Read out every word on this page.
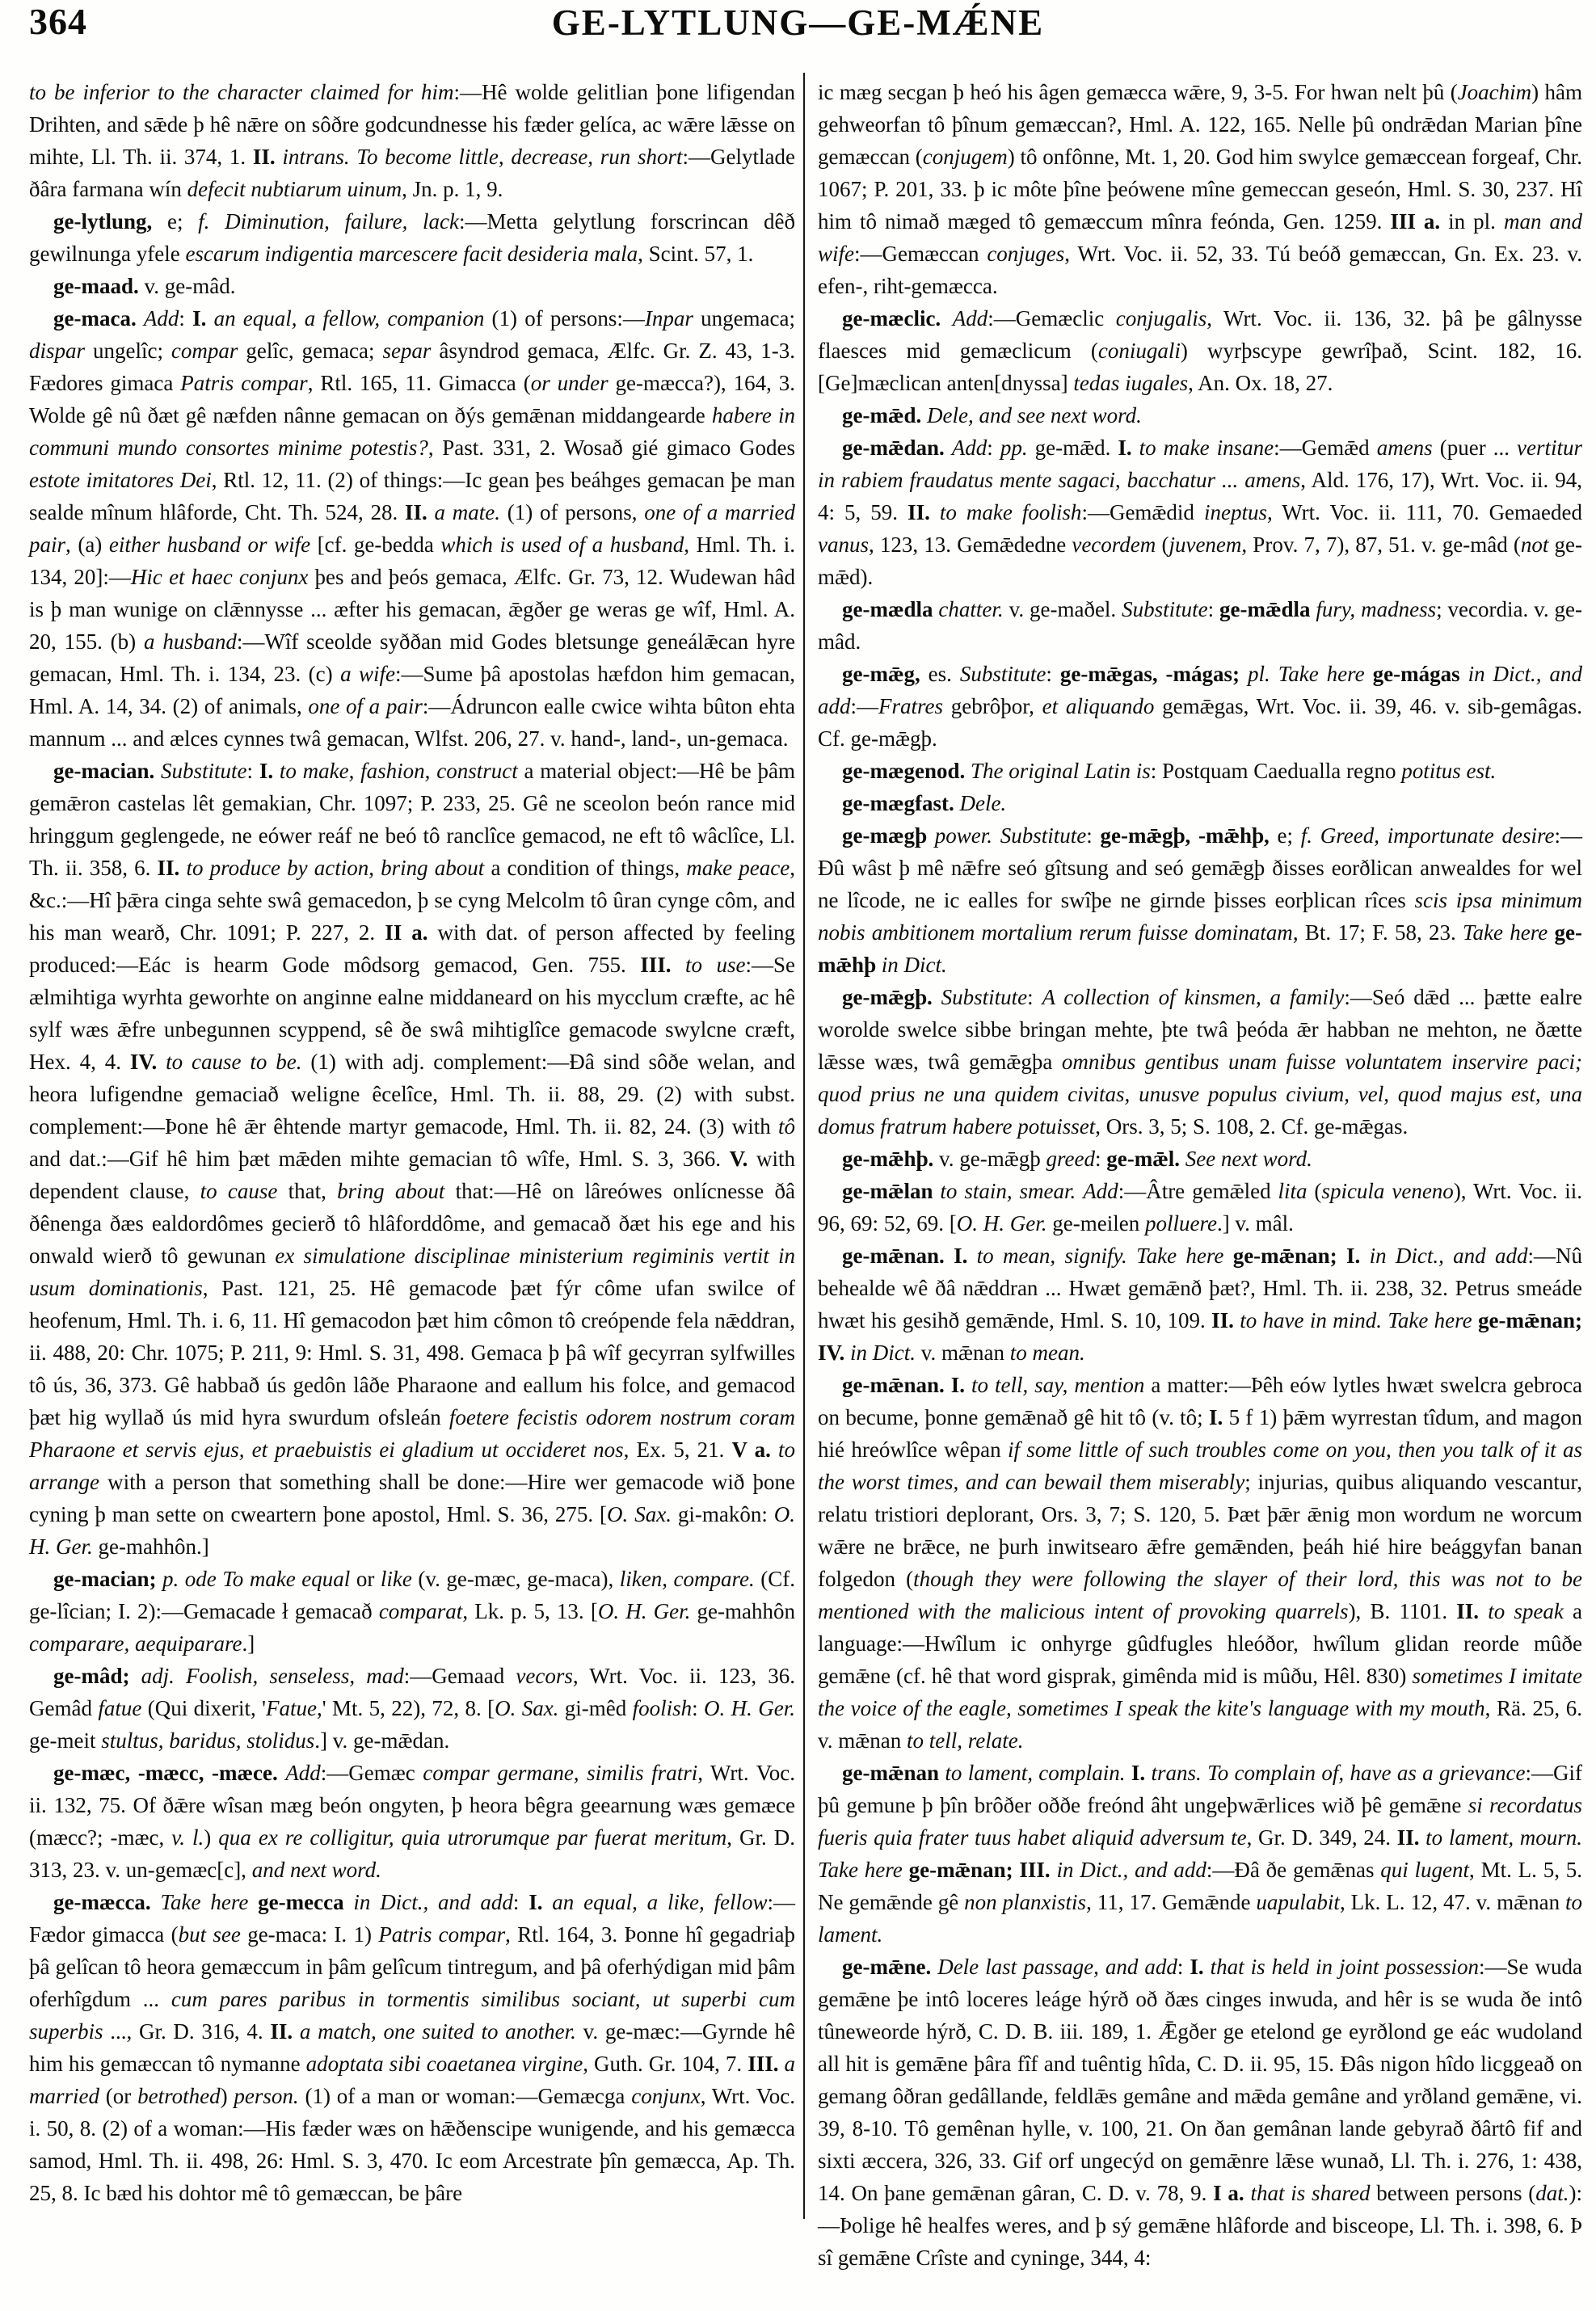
364	GE-LYTLUNG—GE-MǼNE

to be inferior to the character claimed for him:—Hê wolde gelitlian þone lifigendan Drihten, and sǣde þ hê nǣre on sôðre godcundnesse his fæder gelíca, ac wǣre lǣsse on mihte, Ll. Th. ii. 374, 1. II. intrans. To become little, decrease, run short:—Gelytlade ðâra farmana wín defecit nubtiarum uinum, Jn. p. 1, 9.

ge-lytlung, e; f. Diminution, failure, lack:—Metta gelytlung forscrincan dêð gewilnunga yfele escarum indigentia marcescere facit desideria mala, Scint. 57, 1.

ge-maad. v. ge-mâd.

ge-maca. Add: I. an equal, a fellow, companion (1) of persons:—Inpar ungemaca; dispar ungelîc; compar gelîc, gemaca; separ âsyndrod gemaca, Ælfc. Gr. Z. 43, 1-3. Fædores gimaca Patris compar, Rtl. 165, 11. Gimacca (or under ge-mæcca?), 164, 3. Wolde gê nû ðæt gê næfden nânne gemacan on ðýs gemǣnan middangearde habere in communi mundo consortes minime potestis?, Past. 331, 2. Wosað gié gimaco Godes estote imitatores Dei, Rtl. 12, 11. (2) of things:—Ic gean þes beáhges gemacan þe man sealde mînum hlâforde, Cht. Th. 524, 28. II. a mate. (1) of persons, one of a married pair, (a) either husband or wife [cf. ge-bedda which is used of a husband, Hml. Th. i. 134, 20]:—Hic et haec conjunx þes and þeós gemaca, Ælfc. Gr. 73, 12. Wudewan hâd is þ man wunige on clǣnnysse ... æfter his gemacan, ǣgðer ge weras ge wîf, Hml. A. 20, 155. (b) a husband:—Wîf sceolde syððan mid Godes bletsunge geneálǣcan hyre gemacan, Hml. Th. i. 134, 23. (c) a wife:—Sume þâ apostolas hæfdon him gemacan, Hml. A. 14, 34. (2) of animals, one of a pair:—Ádruncon ealle cwice wihta bûton ehta mannum ... and ælces cynnes twâ gemacan, Wlfst. 206, 27. v. hand-, land-, un-gemaca.

ge-macian. Substitute: I. to make, fashion, construct a material object:—Hê be þâm gemǣron castelas lêt gemakian, Chr. 1097; P. 233, 25. Gê ne sceolon beón rance mid hringgum geglengede, ne eówer reáf ne beó tô ranclîce gemacod, ne eft tô wâclîce, Ll. Th. ii. 358, 6. II. to produce by action, bring about a condition of things, make peace, &c.:—Hî þǣra cinga sehte swâ gemacedon, þ se cyng Melcolm tô ûran cynge côm, and his man wearð, Chr. 1091; P. 227, 2. II a. with dat. of person affected by feeling produced:—Eác is hearm Gode môdsorg gemacod, Gen. 755. III. to use:—Se ælmihtiga wyrhta geworhte on anginne ealne middaneard on his mycclum cræfte, ac hê sylf wæs ǣfre unbegunnen scyppend, sê ðe swâ mihtiglîce gemacode swylcne cræft, Hex. 4, 4. IV. to cause to be. (1) with adj. complement:—Ðâ sind sôðe welan, and heora lufigendne gemaciað weligne êcelîce, Hml. Th. ii. 88, 29. (2) with subst. complement:—Þone hê ǣr êhtende martyr gemacode, Hml. Th. ii. 82, 24. (3) with tô and dat.:—Gif hê him þæt mǣden mihte gemacian tô wîfe, Hml. S. 3, 366. V. with dependent clause, to cause that, bring about that:—Hê on lâreówes onlícnesse ðâ ðênenga ðæs ealdordômes gecierð tô hlâforddôme, and gemacað ðæt his ege and his onwald wierð tô gewunan ex simulatione disciplinae ministerium regiminis vertit in usum dominationis, Past. 121, 25. Hê gemacode þæt fýr côme ufan swilce of heofenum, Hml. Th. i. 6, 11. Hî gemacodon þæt him cômon tô creópende fela nǣddran, ii. 488, 20: Chr. 1075; P. 211, 9: Hml. S. 31, 498. Gemaca þ þâ wîf gecyrran sylfwilles tô ús, 36, 373. Gê habbað ús gedôn lâðe Pharaone and eallum his folce, and gemacod þæt hig wyllað ús mid hyra swurdum ofsleán foetere fecistis odorem nostrum coram Pharaone et servis ejus, et praebuistis ei gladium ut occideret nos, Ex. 5, 21. V a. to arrange with a person that something shall be done:—Hire wer gemacode wið þone cyning þ man sette on cweartern þone apostol, Hml. S. 36, 275. [O. Sax. gi-makôn: O. H. Ger. ge-mahhôn.]

ge-macian; p. ode To make equal or like (v. ge-mæc, ge-maca), liken, compare. (Cf. ge-lîcian; I. 2):—Gemacade ł gemacað comparat, Lk. p. 5, 13. [O. H. Ger. ge-mahhôn comparare, aequiparare.]

ge-mâd; adj. Foolish, senseless, mad:—Gemaad vecors, Wrt. Voc. ii. 123, 36. Gemâd fatue (Qui dixerit, 'Fatue,' Mt. 5, 22), 72, 8. [O. Sax. gi-mêd foolish: O. H. Ger. ge-meit stultus, baridus, stolidus.] v. ge-mǣdan.

ge-mæc, -mæcc, -mæce. Add:—Gemæc compar germane, similis fratri, Wrt. Voc. ii. 132, 75. Of ðǣre wîsan mæg beón ongyten, þ heora bêgra geearnung wæs gemæce (mæcc?; -mæc, v. l.) qua ex re colligitur, quia utrorumque par fuerat meritum, Gr. D. 313, 23. v. un-gemæc[c], and next word.

ge-mæcca. Take here ge-mecca in Dict., and add: I. an equal, a like, fellow:—Fædor gimacca (but see ge-maca: I. 1) Patris compar, Rtl. 164, 3. Þonne hî gegadriaþ þâ gelîcan tô heora gemæccum in þâm gelîcum tintregum, and þâ oferhýdigan mid þâm oferhîgdum ... cum pares paribus in tormentis similibus sociant, ut superbi cum superbis ..., Gr. D. 316, 4. II. a match, one suited to another. v. ge-mæc:—Gyrnde hê him his gemæccan tô nymanne adoptata sibi coaetanea virgine, Guth. Gr. 104, 7. III. a married (or betrothed) person. (1) of a man or woman:—Gemæcga conjunx, Wrt. Voc. i. 50, 8. (2) of a woman:—His fæder wæs on hǣðenscipe wunigende, and his gemæcca samod, Hml. Th. ii. 498, 26: Hml. S. 3, 470. Ic eom Arcestrate þîn gemæcca, Ap. Th. 25, 8. Ic bæd his dohtor mê tô gemæccan, be þâre

ic mæg secgan þ heó his âgen gemæcca wǣre, 9, 3-5. For hwan nelt þû (Joachim) hâm gehweorfan tô þînum gemæccan?, Hml. A. 122, 165. Nelle þû ondrǣdan Marian þîne gemæccan (conjugem) tô onfônne, Mt. 1, 20. God him swylce gemæccean forgeaf, Chr. 1067; P. 201, 33. þ ic môte þîne þeówene mîne gemeccan geseón, Hml. S. 30, 237. Hî him tô nimað mæged tô gemæccum mînra feónda, Gen. 1259. III a. in pl. man and wife:—Gemæccan conjuges, Wrt. Voc. ii. 52, 33. Tú beóð gemæccan, Gn. Ex. 23. v. efen-, riht-gemæcca.

ge-mæclic. Add:—Gemæclic conjugalis, Wrt. Voc. ii. 136, 32. þâ þe gâlnysse flaesces mid gemæclicum (coniugali) wyrþscype gewrîþað, Scint. 182, 16. [Ge]mæclican anten[dnyssa] tedas iugales, An. Ox. 18, 27.

ge-mǣd. Dele, and see next word.

ge-mǣdan. Add: pp. ge-mǣd. I. to make insane:—Gemǣd amens (puer ... vertitur in rabiem fraudatus mente sagaci, bacchatur ... amens, Ald. 176, 17), Wrt. Voc. ii. 94, 4: 5, 59. II. to make foolish:—Gemǣdid ineptus, Wrt. Voc. ii. 111, 70. Gemaeded vanus, 123, 13. Gemǣdedne vecordem (juvenem, Prov. 7, 7), 87, 51. v. ge-mâd (not ge-mǣd).

ge-mædla chatter. v. ge-maðel. Substitute: ge-mǣdla fury, madness; vecordia. v. ge-mâd.

ge-mǣg, es. Substitute: ge-mǣgas, -mágas; pl. Take here ge-mágas in Dict., and add:—Fratres gebrôþor, et aliquando gemǣgas, Wrt. Voc. ii. 39, 46. v. sib-gemâgas. Cf. ge-mǣgþ.

ge-mægenod. The original Latin is: Postquam Caedualla regno potitus est.

ge-mægfast. Dele.

ge-mægþ power. Substitute: ge-mǣgþ, -mǣhþ, e; f. Greed, importunate desire:—Ðû wâst þ mê nǣfre seó gîtsung and seó gemǣgþ ðisses eorðlican anwealdes for wel ne lîcode, ne ic ealles for swîþe ne girnde þisses eorþlican rîces scis ipsa minimum nobis ambitionem mortalium rerum fuisse dominatam, Bt. 17; F. 58, 23. Take here ge-mǣhþ in Dict.

ge-mǣgþ. Substitute: A collection of kinsmen, a family:—Seó dǣd ... þætte ealre worolde swelce sibbe bringan mehte, þte twâ þeóda ǣr habban ne mehton, ne ðætte lǣsse wæs, twâ gemǣgþa omnibus gentibus unam fuisse voluntatem inservire paci; quod prius ne una quidem civitas, unusve populus civium, vel, quod majus est, una domus fratrum habere potuisset, Ors. 3, 5; S. 108, 2. Cf. ge-mǣgas.

ge-mǣhþ. v. ge-mǣgþ greed: ge-mǣl. See next word.

ge-mǣlan to stain, smear. Add:—Âtre gemǣled lita (spicula veneno), Wrt. Voc. ii. 96, 69: 52, 69. [O. H. Ger. ge-meilen polluere.] v. mâl.

ge-mǣnan. I. to mean, signify. Take here ge-mǣnan; I. in Dict., and add:—Nû behealde wê ðâ nǣddran ... Hwæt gemǣnð þæt?, Hml. Th. ii. 238, 32. Petrus smeáde hwæt his gesihð gemǣnde, Hml. S. 10, 109. II. to have in mind. Take here ge-mǣnan; IV. in Dict. v. mǣnan to mean.

ge-mǣnan. I. to tell, say, mention a matter:—Þêh eów lytles hwæt swelcra gebroca on becume, þonne gemǣnað gê hit tô (v. tô; I. 5 f 1) þǣm wyrrestan tîdum, and magon hié hreówlîce wêpan if some little of such troubles come on you, then you talk of it as the worst times, and can bewail them miserably; injurias, quibus aliquando vescantur, relatu tristiori deplorant, Ors. 3, 7; S. 120, 5. Þæt þǣr ǣnig mon wordum ne worcum wǣre ne brǣce, ne þurh inwitsearo ǣfre gemǣnden, þeáh hié hire beággyfan banan folgedon (though they were following the slayer of their lord, this was not to be mentioned with the malicious intent of provoking quarrels), B. 1101. II. to speak a language:—Hwîlum ic onhyrge gûdfugles hleóðor, hwîlum glidan reorde mûðe gemǣne (cf. hê that word gisprak, gimênda mid is mûðu, Hêl. 830) sometimes I imitate the voice of the eagle, sometimes I speak the kite's language with my mouth, Rä. 25, 6. v. mǣnan to tell, relate.

ge-mǣnan to lament, complain. I. trans. To complain of, have as a grievance:—Gif þû gemune þ þîn brôðer oððe freónd âht ungeþwǣrlices wið þê gemǣne si recordatus fueris quia frater tuus habet aliquid adversum te, Gr. D. 349, 24. II. to lament, mourn. Take here ge-mǣnan; III. in Dict., and add:—Ðâ ðe gemǣnas qui lugent, Mt. L. 5, 5. Ne gemǣnde gê non planxistis, 11, 17. Gemǣnde uapulabit, Lk. L. 12, 47. v. mǣnan to lament.

ge-mǣne. Dele last passage, and add: I. that is held in joint possession:—Se wuda gemǣne þe intô loceres leáge hýrð oð ðæs cinges inwuda, and hêr is se wuda ðe intô tûneweorde hýrð, C. D. B. iii. 189, 1. Ǣgðer ge etelond ge eyrðlond ge eác wudoland all hit is gemǣne þâra fîf and tuêntig hîda, C. D. ii. 95, 15. Ðâs nigon hîdo licggeað on gemang ôðran gedâllande, feldlǣs gemâne and mǣda gemâne and yrðland gemǣne, vi. 39, 8-10. Tô gemênan hylle, v. 100, 21. On ðan gemânan lande gebyrað ðârtô fif and sixti æccera, 326, 33. Gif orf ungecýd on gemǣnre lǣse wunað, Ll. Th. i. 276, 1: 438, 14. On þane gemǣnan gâran, C. D. v. 78, 9. I a. that is shared between persons (dat.):—Þolige hê healfes weres, and þ sý gemǣne hlâforde and bisceope, Ll. Th. i. 398, 6. Þ sî gemǣne Crîste and cyninge, 344, 4:
